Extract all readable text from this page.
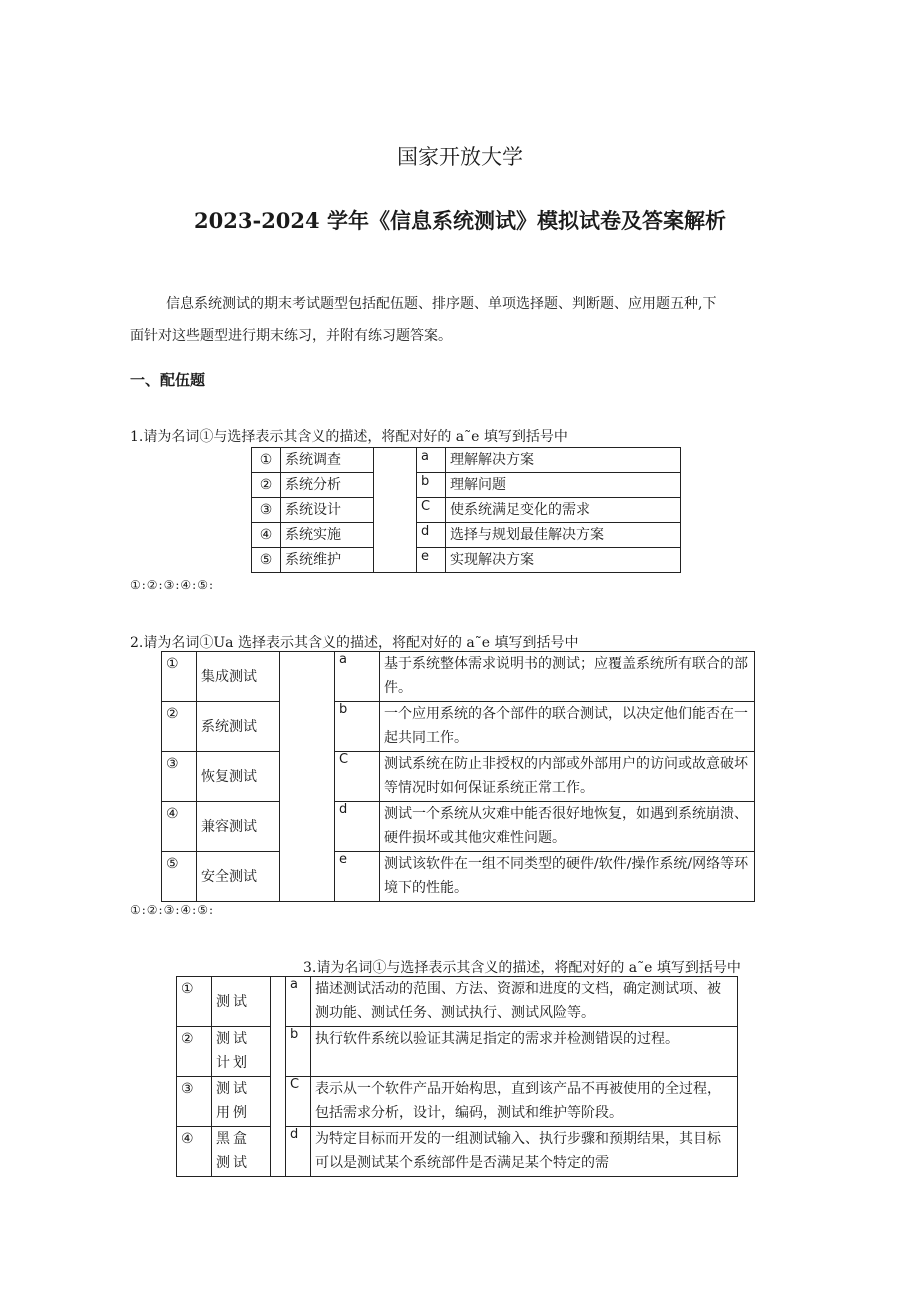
国家开放大学
2023-2024 学年《信息系统测试》模拟试卷及答案解析
信息系统测试的期末考试题型包括配伍题、排序题、单项选择题、判断题、应用题五种,下
面针对这些题型进行期末练习，并附有练习题答案。
一、配伍题
1.请为名词①与选择表示其含义的描述，将配对好的 a˜e 填写到括号中
①	系统调查		a	理解解决方案
②	系统分析		b	理解问题
③	系统设计		C	使系统满足变化的需求
④	系统实施		d	选择与规划最佳解决方案
⑤	系统维护		e	实现解决方案
①:②:③:④:⑤:
2.请为名词①Ua 选择表示其含义的描述，将配对好的 a˜e 填写到括号中
①	集成测试		a	基于系统整体需求说明书的测试；应覆盖系统所有联合的部件。
②	系统测试		b	一个应用系统的各个部件的联合测试，以决定他们能否在一起共同工作。
③	恢复测试		C	测试系统在防止非授权的内部或外部用户的访问或故意破坏等情况时如何保证系统正常工作。
④	兼容测试		d	测试一个系统从灾难中能否很好地恢复，如遇到系统崩溃、硬件损坏或其他灾难性问题。
⑤	安全测试		e	测试该软件在一组不同类型的硬件/软件/操作系统/网络等环境下的性能。
①:②:③:④:⑤:
3.请为名词①与选择表示其含义的描述，将配对好的 a˜e 填写到括号中
①	测试		a	描述测试活动的范围、方法、资源和进度的文档，确定测试项、被测功能、测试任务、测试执行、测试风险等。
②	测试计划		b	执行软件系统以验证其满足指定的需求并检测错误的过程。
③	测试用例		C	表示从一个软件产品开始构思，直到该产品不再被使用的全过程，包括需求分析，设计，编码，测试和维护等阶段。
④	黑盒测试		d	为特定目标而开发的一组测试输入、执行步骤和预期结果，其目标可以是测试某个系统部件是否满足某个特定的需
